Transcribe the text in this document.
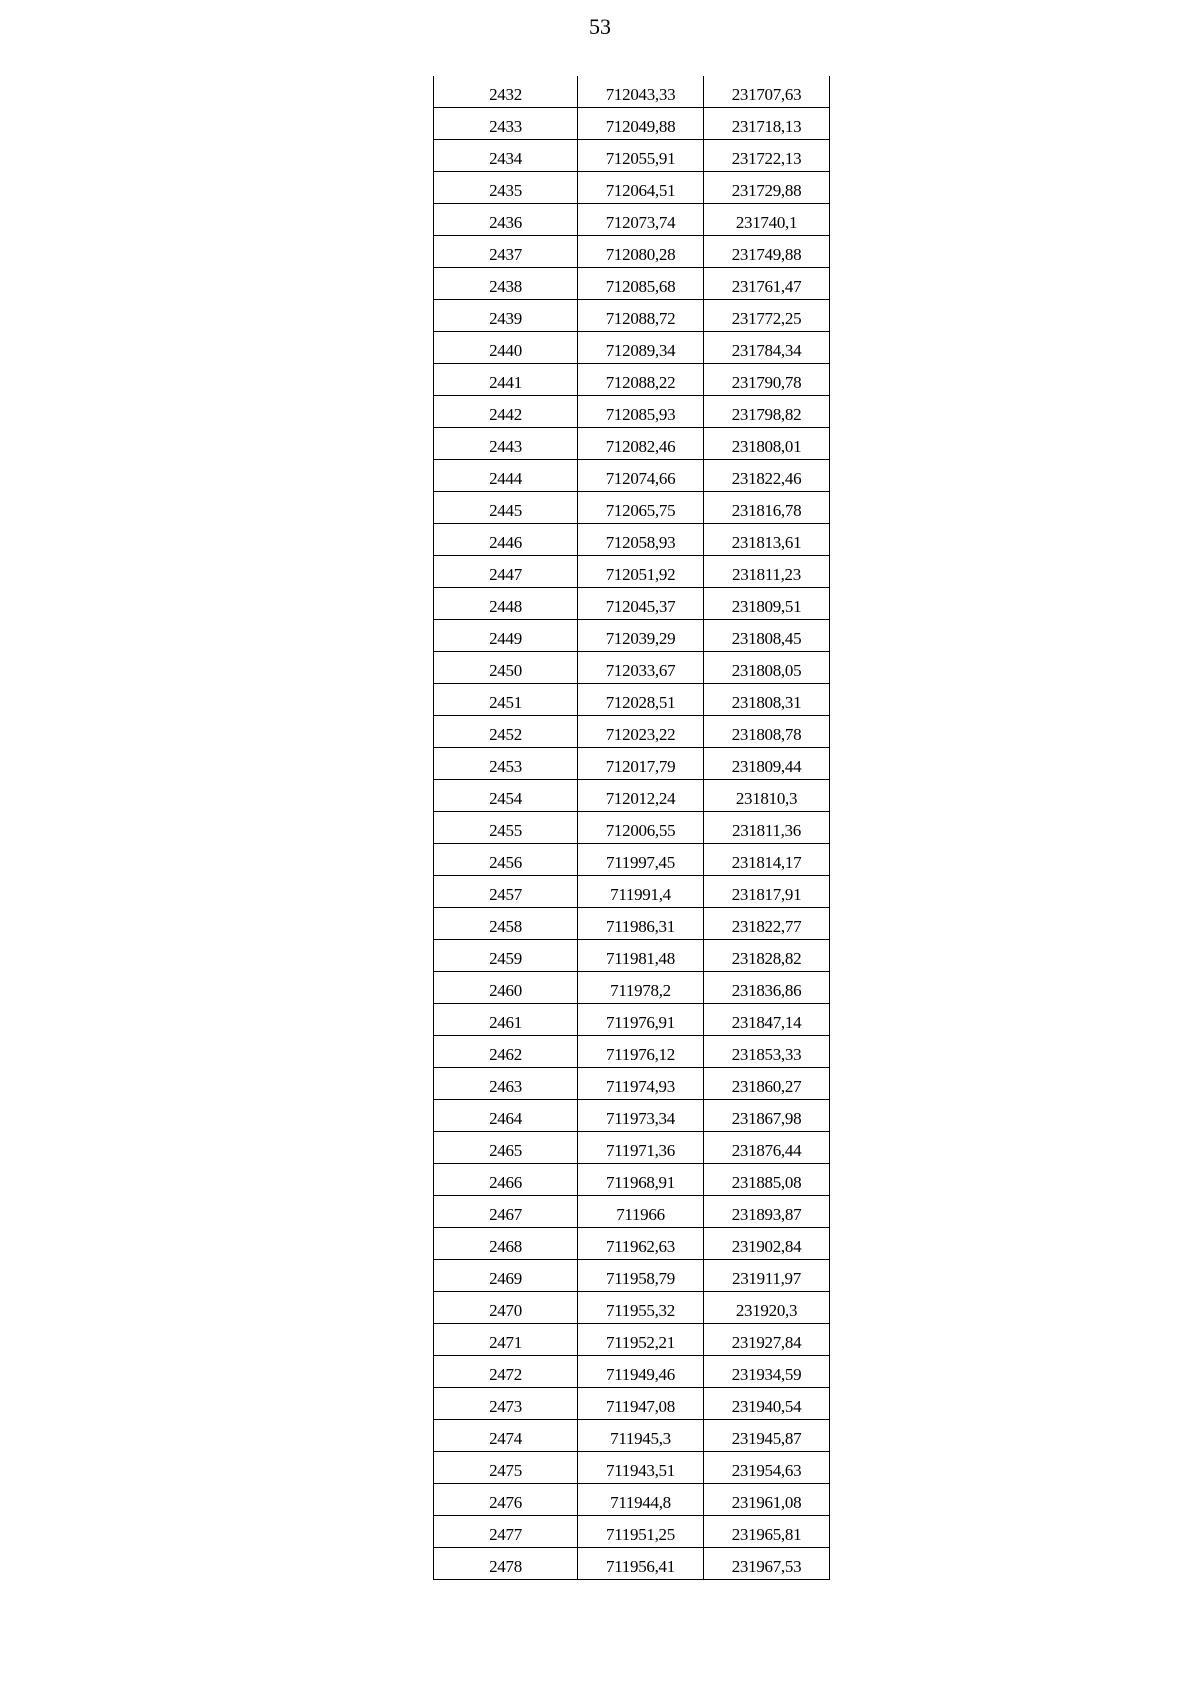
53
2432	712043,33	231707,63
2433	712049,88	231718,13
2434	712055,91	231722,13
2435	712064,51	231729,88
2436	712073,74	231740,1
2437	712080,28	231749,88
2438	712085,68	231761,47
2439	712088,72	231772,25
2440	712089,34	231784,34
2441	712088,22	231790,78
2442	712085,93	231798,82
2443	712082,46	231808,01
2444	712074,66	231822,46
2445	712065,75	231816,78
2446	712058,93	231813,61
2447	712051,92	231811,23
2448	712045,37	231809,51
2449	712039,29	231808,45
2450	712033,67	231808,05
2451	712028,51	231808,31
2452	712023,22	231808,78
2453	712017,79	231809,44
2454	712012,24	231810,3
2455	712006,55	231811,36
2456	711997,45	231814,17
2457	711991,4	231817,91
2458	711986,31	231822,77
2459	711981,48	231828,82
2460	711978,2	231836,86
2461	711976,91	231847,14
2462	711976,12	231853,33
2463	711974,93	231860,27
2464	711973,34	231867,98
2465	711971,36	231876,44
2466	711968,91	231885,08
2467	711966	231893,87
2468	711962,63	231902,84
2469	711958,79	231911,97
2470	711955,32	231920,3
2471	711952,21	231927,84
2472	711949,46	231934,59
2473	711947,08	231940,54
2474	711945,3	231945,87
2475	711943,51	231954,63
2476	711944,8	231961,08
2477	711951,25	231965,81
2478	711956,41	231967,53
